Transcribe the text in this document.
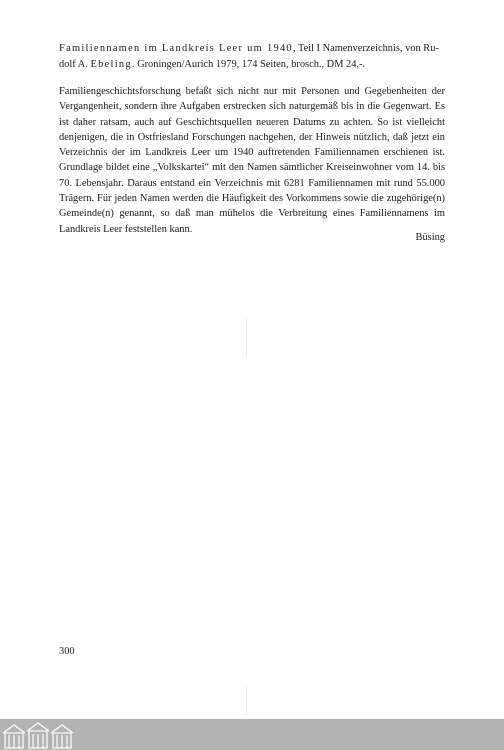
Familiennamen im Landkreis Leer um 1940, Teil I Namenverzeichnis, von Ru-
dolf A. Ebeling. Groningen/Aurich 1979, 174 Seiten, brosch., DM 24,-.

Familiengeschichtsforschung befaßt sich nicht nur mit Personen und Gegebenheiten der Vergangenheit, sondern ihre Aufgaben erstrecken sich naturgemäß bis in die Gegenwart. Es ist daher ratsam, auch auf Geschichtsquellen neueren Datums zu achten. So ist vielleicht denjenigen, die in Ostfriesland Forschungen nachgehen, der Hinweis nützlich, daß jetzt ein Verzeichnis der im Landkreis Leer um 1940 auftretenden Familiennamen erschienen ist. Grundlage bildet eine „Volkskartei“ mit den Namen sämtlicher Kreiseinwohner vom 14. bis 70. Lebensjahr. Daraus entstand ein Verzeichnis mit 6281 Familiennamen mit rund 55.000 Trägern. Für jeden Namen werden die Häufigkeit des Vorkommens sowie die zugehörige(n) Gemeinde(n) genannt, so daß man mühelos die Verbreitung eines Familiennamens im Landkreis Leer feststellen kann.

Büsing

300
